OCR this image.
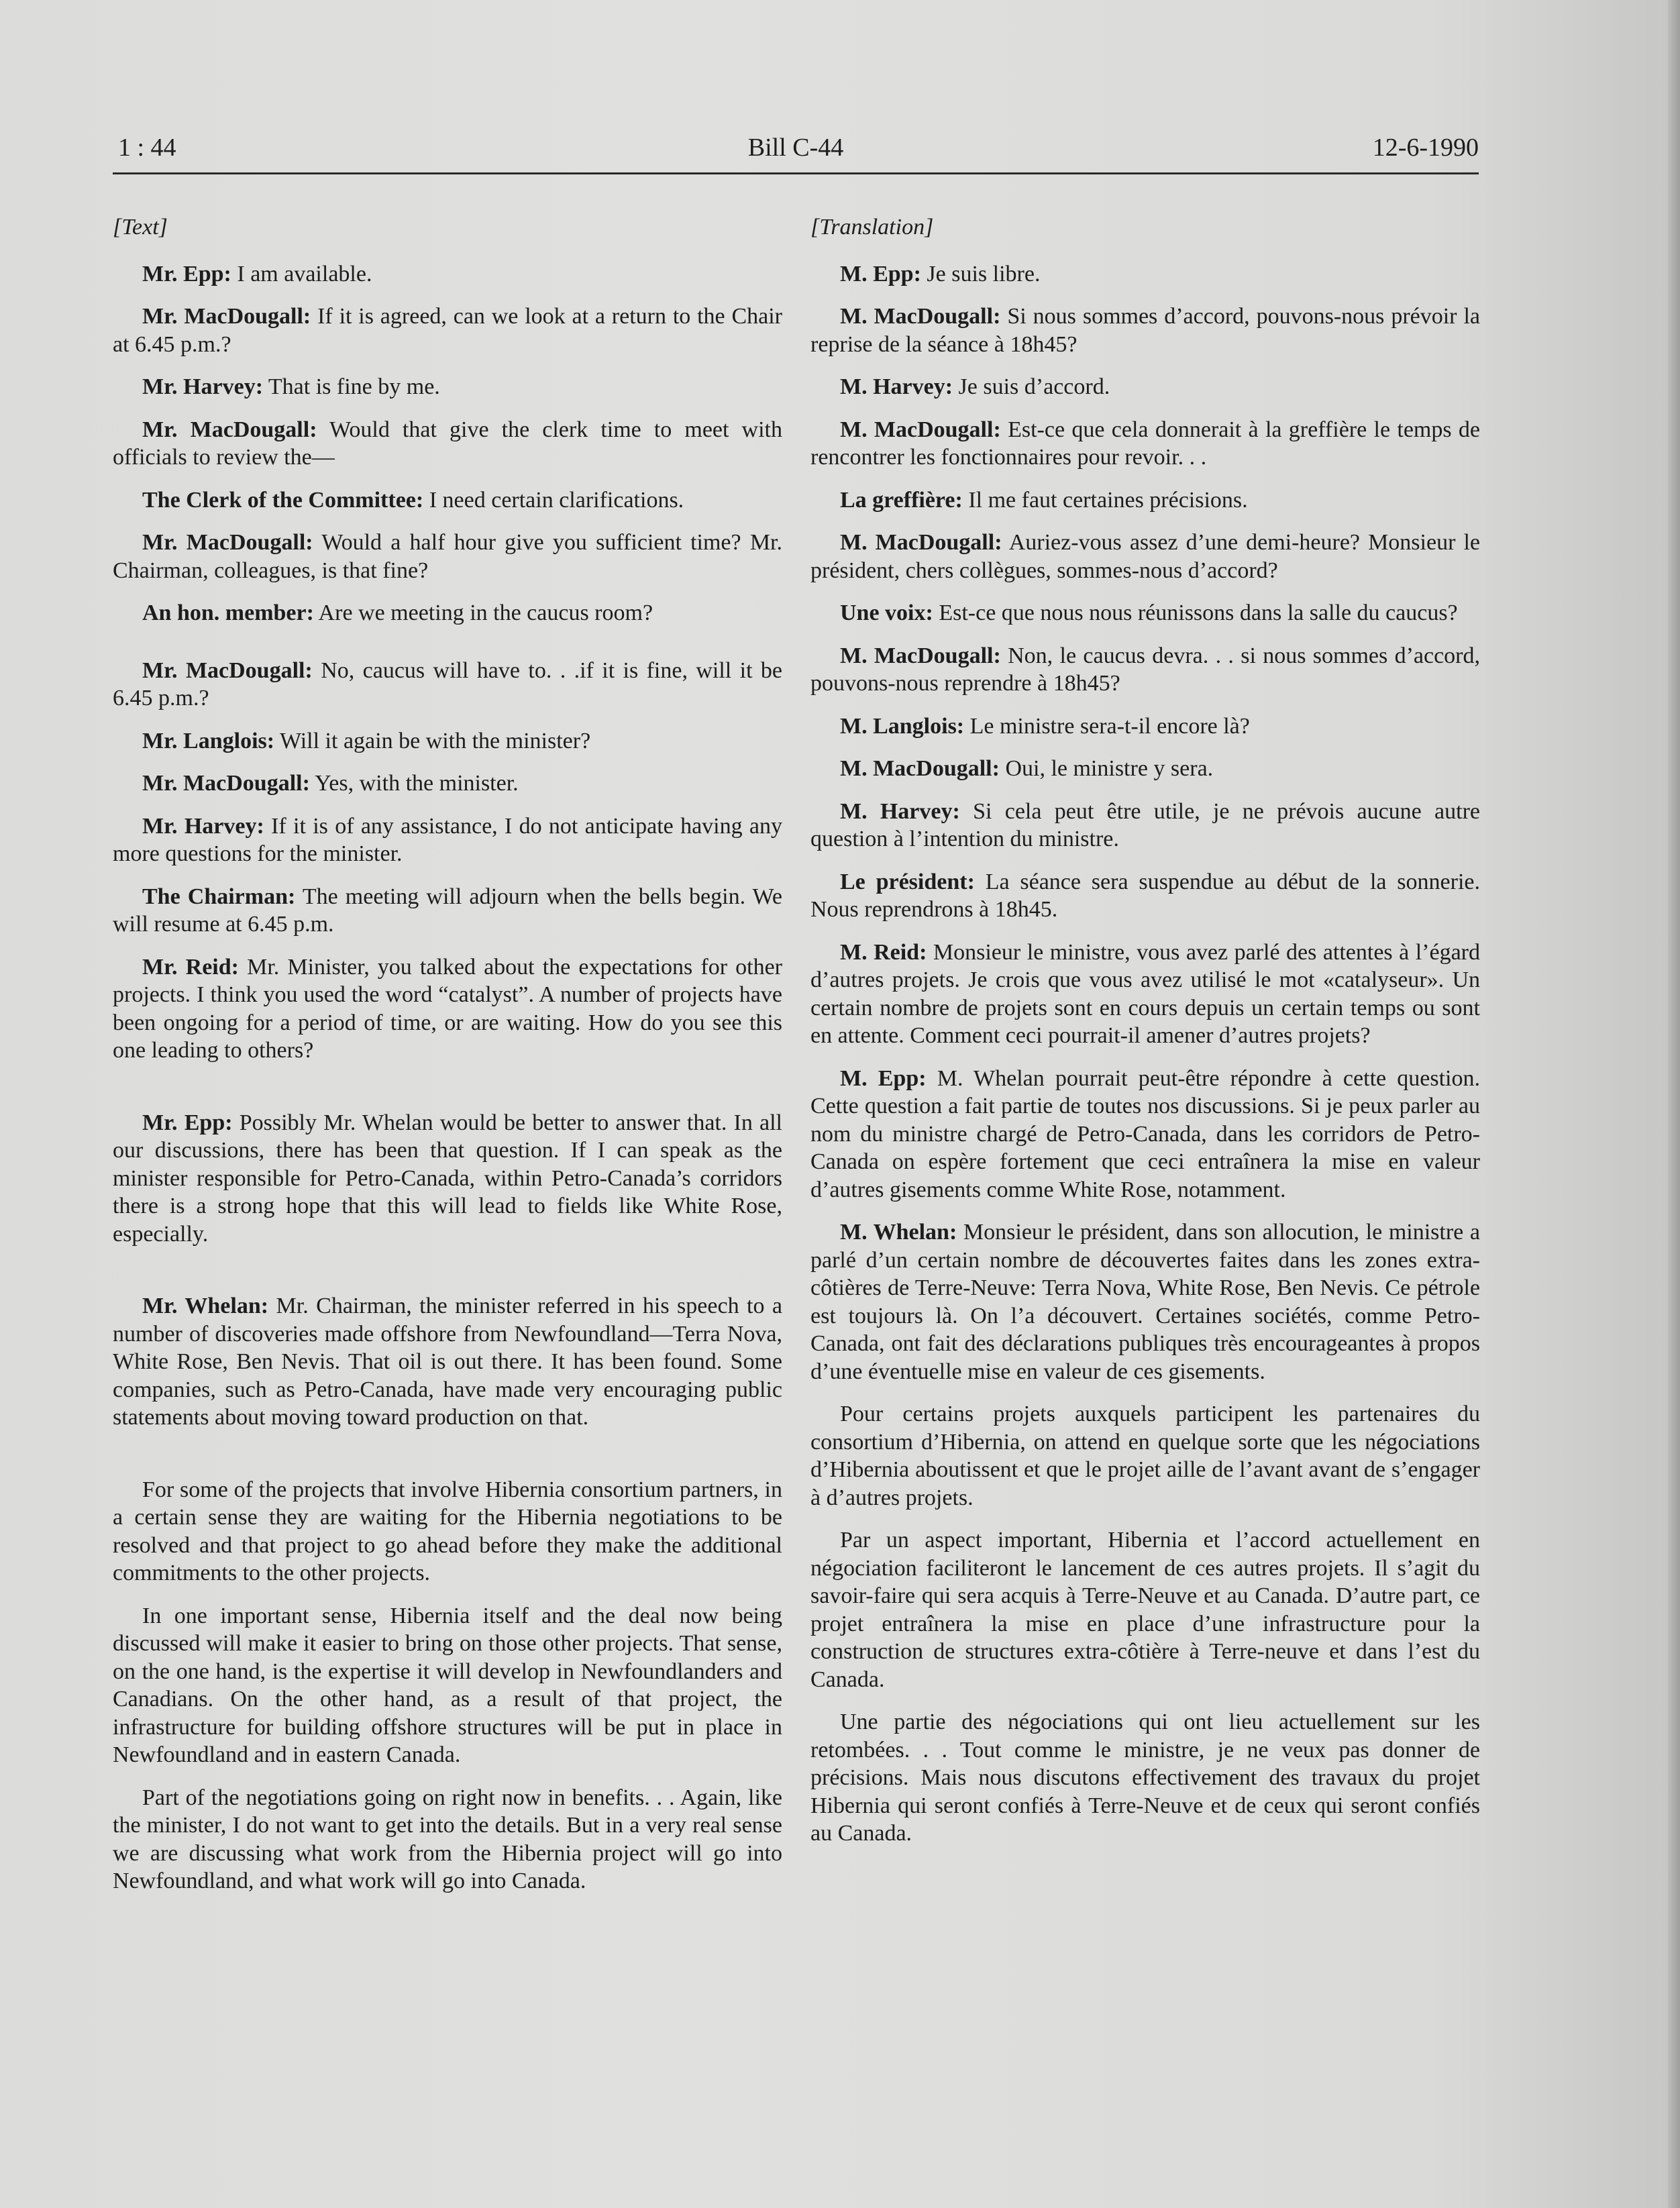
1 : 44	Bill C-44	12-6-1990

[Text]

Mr. Epp: I am available.

Mr. MacDougall: If it is agreed, can we look at a return to the Chair at 6.45 p.m.?

Mr. Harvey: That is fine by me.

Mr. MacDougall: Would that give the clerk time to meet with officials to review the—

The Clerk of the Committee: I need certain clarifications.

Mr. MacDougall: Would a half hour give you sufficient time? Mr. Chairman, colleagues, is that fine?

An hon. member: Are we meeting in the caucus room?

Mr. MacDougall: No, caucus will have to. . .if it is fine, will it be 6.45 p.m.?

Mr. Langlois: Will it again be with the minister?

Mr. MacDougall: Yes, with the minister.

Mr. Harvey: If it is of any assistance, I do not anticipate having any more questions for the minister.

The Chairman: The meeting will adjourn when the bells begin. We will resume at 6.45 p.m.

Mr. Reid: Mr. Minister, you talked about the expectations for other projects. I think you used the word “catalyst”. A number of projects have been ongoing for a period of time, or are waiting. How do you see this one leading to others?

Mr. Epp: Possibly Mr. Whelan would be better to answer that. In all our discussions, there has been that question. If I can speak as the minister responsible for Petro-Canada, within Petro-Canada’s corridors there is a strong hope that this will lead to fields like White Rose, especially.

Mr. Whelan: Mr. Chairman, the minister referred in his speech to a number of discoveries made offshore from Newfoundland—Terra Nova, White Rose, Ben Nevis. That oil is out there. It has been found. Some companies, such as Petro-Canada, have made very encouraging public statements about moving toward production on that.

For some of the projects that involve Hibernia consortium partners, in a certain sense they are waiting for the Hibernia negotiations to be resolved and that project to go ahead before they make the additional commitments to the other projects.

In one important sense, Hibernia itself and the deal now being discussed will make it easier to bring on those other projects. That sense, on the one hand, is the expertise it will develop in Newfoundlanders and Canadians. On the other hand, as a result of that project, the infrastructure for building offshore structures will be put in place in Newfoundland and in eastern Canada.

Part of the negotiations going on right now in benefits. . . Again, like the minister, I do not want to get into the details. But in a very real sense we are discussing what work from the Hibernia project will go into Newfoundland, and what work will go into Canada.

[Translation]

M. Epp: Je suis libre.

M. MacDougall: Si nous sommes d’accord, pouvons-nous prévoir la reprise de la séance à 18h45?

M. Harvey: Je suis d’accord.

M. MacDougall: Est-ce que cela donnerait à la greffière le temps de rencontrer les fonctionnaires pour revoir. . .

La greffière: Il me faut certaines précisions.

M. MacDougall: Auriez-vous assez d’une demi-heure? Monsieur le président, chers collègues, sommes-nous d’accord?

Une voix: Est-ce que nous nous réunissons dans la salle du caucus?

M. MacDougall: Non, le caucus devra. . . si nous sommes d’accord, pouvons-nous reprendre à 18h45?

M. Langlois: Le ministre sera-t-il encore là?

M. MacDougall: Oui, le ministre y sera.

M. Harvey: Si cela peut être utile, je ne prévois aucune autre question à l’intention du ministre.

Le président: La séance sera suspendue au début de la sonnerie. Nous reprendrons à 18h45.

M. Reid: Monsieur le ministre, vous avez parlé des attentes à l’égard d’autres projets. Je crois que vous avez utilisé le mot «catalyseur». Un certain nombre de projets sont en cours depuis un certain temps ou sont en attente. Comment ceci pourrait-il amener d’autres projets?

M. Epp: M. Whelan pourrait peut-être répondre à cette question. Cette question a fait partie de toutes nos discussions. Si je peux parler au nom du ministre chargé de Petro-Canada, dans les corridors de Petro-Canada on espère fortement que ceci entraînera la mise en valeur d’autres gisements comme White Rose, notamment.

M. Whelan: Monsieur le président, dans son allocution, le ministre a parlé d’un certain nombre de découvertes faites dans les zones extra-côtières de Terre-Neuve: Terra Nova, White Rose, Ben Nevis. Ce pétrole est toujours là. On l’a découvert. Certaines sociétés, comme Petro-Canada, ont fait des déclarations publiques très encourageantes à propos d’une éventuelle mise en valeur de ces gisements.

Pour certains projets auxquels participent les partenaires du consortium d’Hibernia, on attend en quelque sorte que les négociations d’Hibernia aboutissent et que le projet aille de l’avant avant de s’engager à d’autres projets.

Par un aspect important, Hibernia et l’accord actuellement en négociation faciliteront le lancement de ces autres projets. Il s’agit du savoir-faire qui sera acquis à Terre-Neuve et au Canada. D’autre part, ce projet entraînera la mise en place d’une infrastructure pour la construction de structures extra-côtière à Terre-neuve et dans l’est du Canada.

Une partie des négociations qui ont lieu actuellement sur les retombées. . . Tout comme le ministre, je ne veux pas donner de précisions. Mais nous discutons effectivement des travaux du projet Hibernia qui seront confiés à Terre-Neuve et de ceux qui seront confiés au Canada.
